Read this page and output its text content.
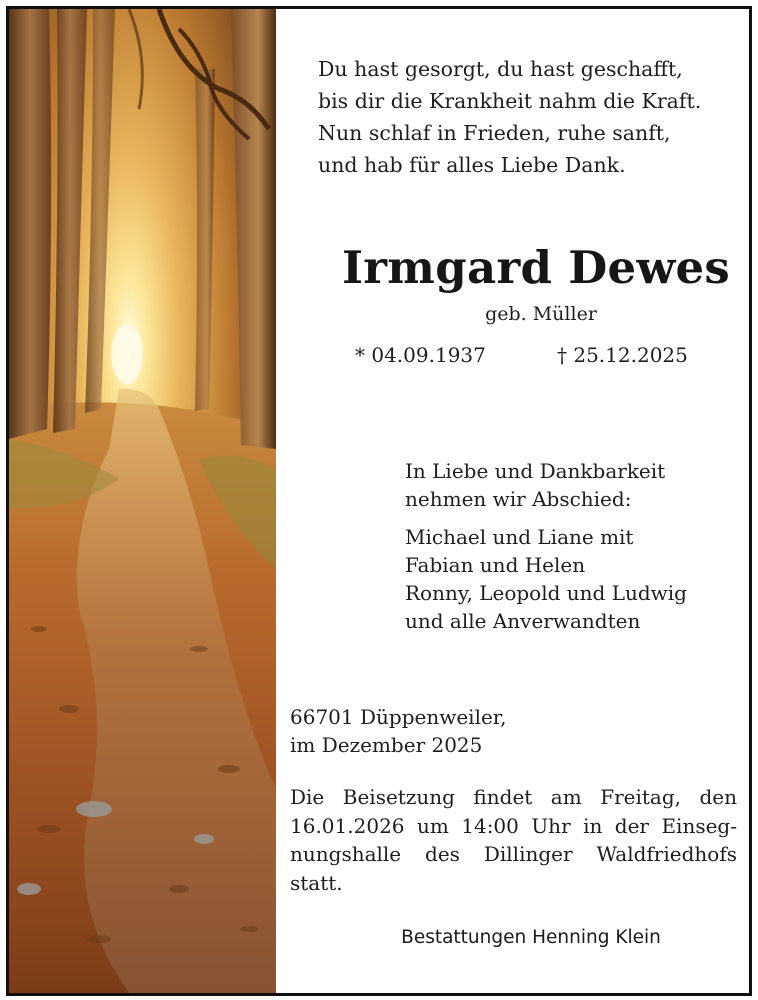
Du hast gesorgt, du hast geschafft,
bis dir die Krankheit nahm die Kraft.
Nun schlaf in Frieden, ruhe sanft,
und hab für alles Liebe Dank.
Irmgard Dewes
geb. Müller
* 04.09.1937	† 25.12.2025
In Liebe und Dankbarkeit
nehmen wir Abschied:
Michael und Liane mit
Fabian und Helen
Ronny, Leopold und Ludwig
und alle Anverwandten
66701 Düppenweiler,
im Dezember 2025
Die Beisetzung findet am Freitag, den 16.01.2026 um 14:00 Uhr in der Einsegnungshalle des Dillinger Waldfriedhofs statt.
Bestattungen Henning Klein
